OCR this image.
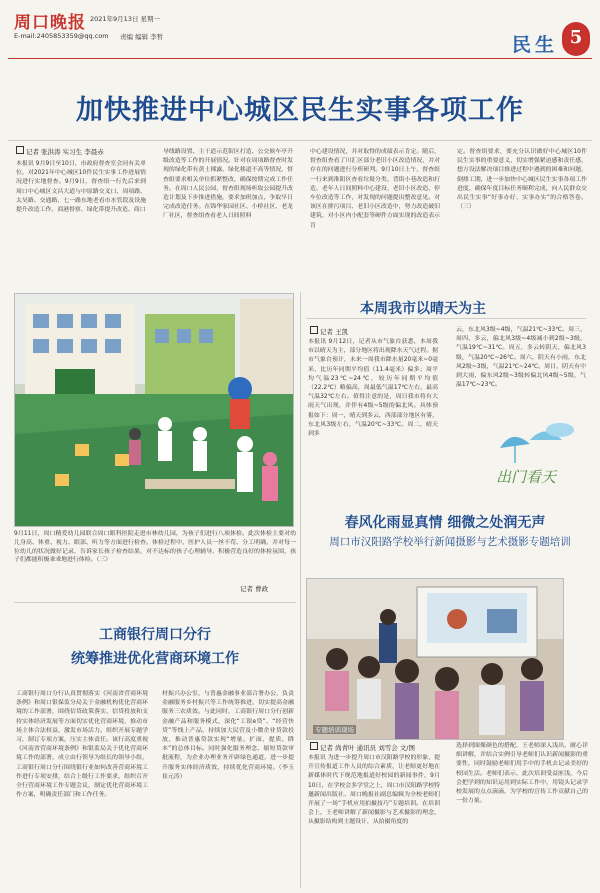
周口晚报 2021年9月13日 星期一
E-mail:2405853359@qq.com 责编 编辑 李哲	民生 5
加快推进中心城区民生实事各项工作
记者 张洪涛 实习生 李晨赤
本报讯 9月9日至10日，市政府督查室会同有关单位，对2021年中心城区10件民生实事工作进展情况进行实地督查。9月9日，督查组一行先后来到周口中心城区文昌大道与中原路交叉口、周项路、太昊路、交通路、七一路东地老看市水管段及设施提升改造工作、商港督察、绿化带提升改造、商口
导线路设置、主干道示范街区打造、公交候车亭升级改造等工作的开展情况。针对在周项路督查时发现的绿化带有黄土裸露，绿化移道不高等情况，督查组要求相关单位抓紧整改，确保按期完成工作任务。在周口人民公园，督查组现场听取公园提升改造计划及下步推进措施，要求加班加点，争取早日完成改造任务。在锦华家园社区、小桥社区、老龙厂社区，督查组查看老人日间照料
中心建设情况，并对取得的成绩表示肯定。随后，督查组查看了川汇区部分老旧小区改造情况，并对存在的问题进行分析研判。9月10日上午，督查组一行来到淮阳区查看垃圾分类、背街小巷改造和打造、老年人日间照料中心建设、老旧小区改造、停车位改造等工作，对发现的问题提出整改意见。对该区在排污项目、老旧小区改造中，努力改造破旧建筑，对小区内小配套等硬件方面实现的改造表示肯
定。督查组要求，要充分认识做好中心城区10件民生实事的重要意义，切实增强紧迫感和责任感，想方设法解决项目推进过程中遇到的困难和问题，倒排工期，进一步加快中心城区民生实事各项工作进度，确保年度目标任务顺利完成，向人民群众交出民生实事“好事办好、实事办实”的合格答卷。（三）
9月11日，周口精爱幼儿园联合周口眼科医院走进市林幼儿园，为孩子们进行八项体检。此次体检主要对幼儿身高、体重、视力、眼部、听力等方面进行检查。体检过程中，医护人员一丝不苟、分工明确，并对每一位幼儿的状况做好记录，告诉家长孩子检查结果，对不达标的孩子心理辅导、积极营造良好的体检氛围，孩子们都能积极乖乖地进行体检。（三）
记者 曹政
本周我市以晴天为主
记者 王凯
本报讯 9月12日，记者从市气象台获悉，本周我市以晴天为主，部分地区将出现降水天气过程。据市气象台预计，未来一周我市降水量20毫米~0毫米，比历年同期平均值（11.4毫米）偏多；周平均气温23℃~24℃，较历年同期平均值（22.2℃）略偏高，周最低气温17℃左右，最高气温32℃左右。值得注意的是，周日我市将有大雨天气出现，并伴有4级~5级的偏北风。具体预报如下：周一，晴天到多云，西部部分地区有雾，东北风3级左右，气温20℃~33℃。周二，晴天到多
云，东北风3级~4级，气温21℃~33℃。周三，周四，多云，偏北风3级~4级减小到2级~3级，气温19℃~31℃。周五，多云转阴天，偏北风3级，气温20℃~26℃。周六，阴天有小雨，东北风2级~3级，气温21℃~24℃。周日，阴天有中到大雨，偏东风2级~3级转偏北风4级~5级，气温17℃~23℃。
出门看天
春风化雨显真情 细微之处润无声
周口市汉阳路学校举行新闻摄影与艺术摄影专题培训
专题培训现场
记者 尚青叶 通讯员 刘雪会 文/图
本报讯 为进一步提升周口市汉阳路学校的形象，提升宣传报道工作人员的综合素质，让老师更好地在新媒体时代下规范地报道好校园的新闻事件，9月10日，在学校会多学堂之上，周口市汉阳路学校特邀新闻出版社、周口晚报社副总编辑为全校老师们开展了一场“手机应用拍摄技巧”专题培训。在培训会上，王老师讲解了新闻摄影与艺术摄影的理念，从摄影结构到主题设计，从拍摄角度的
选择到图像颜色的搭配，王老师深入浅出，耐心详细讲解，并结合实例引导老师们认识新闻摄影的重要性，同时鼓励老师们用手中的手机去记录美好的校园生活。老师们表示，此次培训受益匪浅，今后会把学到的知识运用到实际工作中，用镜头记录学校发展的点点滴滴，为学校的宣传工作贡献自己的一份力量。
工商银行周口分行
统筹推进优化营商环境工作
工商银行周口分行认真贯彻落实《河南省营商环境条例》和周口银保监分局关于金融机构优化营商环境的工作部署，围绕信贷政策落实、信贷投放和支持实体经济发展等方面切实优化营商环境，推动市场主体合法权益，激发市场活力。组织开展专题学习，制订专项方案，压实主体责任。该行高度重视《河南省营商环境条例》和银监局关于优化营商环境工作的部署，成立由行领导为组长的领导小组，工商银行周口分行围绕银行业如何改善营商环境工作进行专项安排，结合上级行工作要求，组织召开全行营商环境工作专题会议，制定优化营商环境工作方案，明确责任部门和工作任务。
村振兴办公室，与普惠金融事业部合署办公，负责金融服务乡村振兴等工作统筹推进，切实提高金融服务三农质效。与此同时，工商银行周口分行创新金融产品和服务模式，深化“工银e贷”、“经营快贷”等线上产品，持续加大民营及小微企业贷款投放，推动普惠贷款实现“增量、扩面、提质、降本”的总体目标。同时强化服务理念，缩短贷款审批流程，为企业办理业务开辟绿色通道，进一步提升服务实体经济质效，持续优化营商环境。（李玉 崔元涛）
